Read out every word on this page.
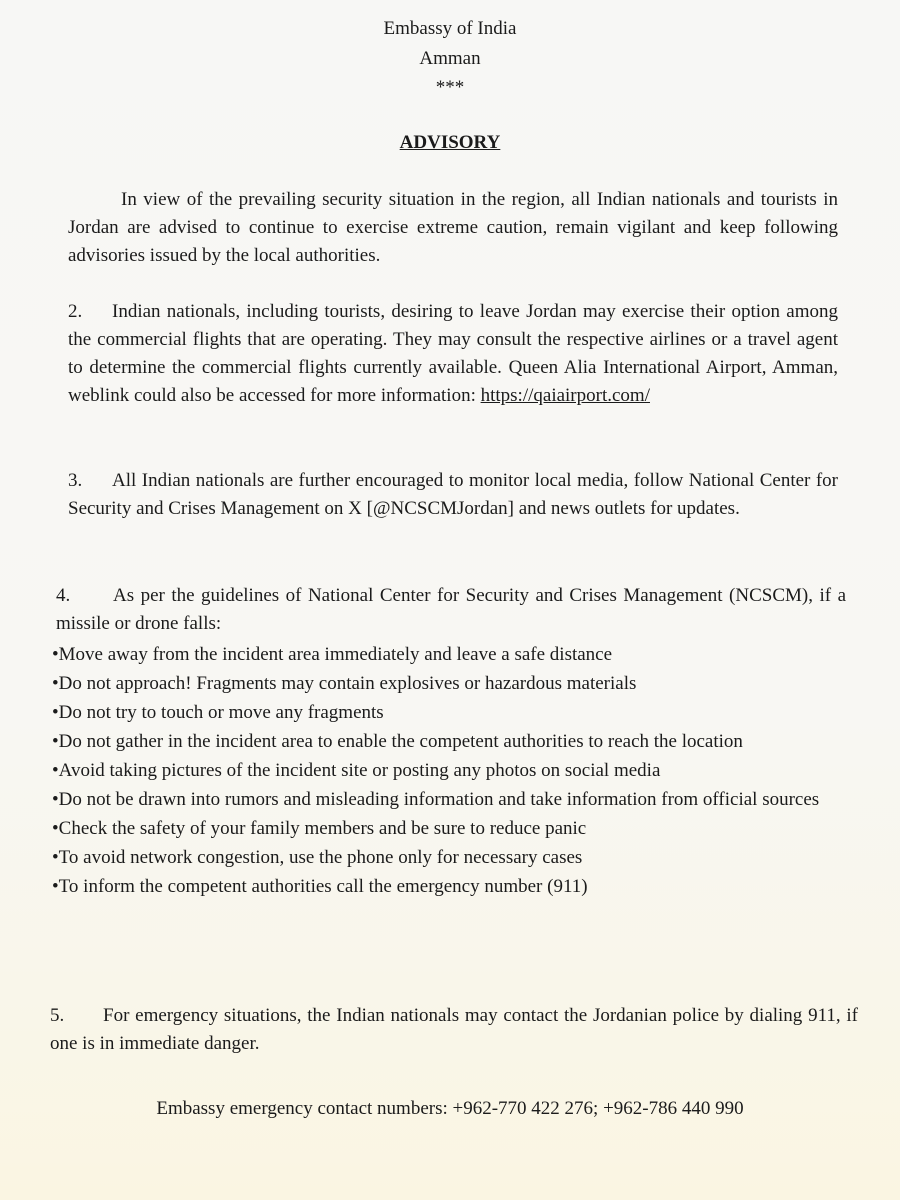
Embassy of India
Amman
***
ADVISORY
In view of the prevailing security situation in the region, all Indian nationals and tourists in Jordan are advised to continue to exercise extreme caution, remain vigilant and keep following advisories issued by the local authorities.
2. Indian nationals, including tourists, desiring to leave Jordan may exercise their option among the commercial flights that are operating. They may consult the respective airlines or a travel agent to determine the commercial flights currently available. Queen Alia International Airport, Amman, weblink could also be accessed for more information: https://qaiairport.com/
3. All Indian nationals are further encouraged to monitor local media, follow National Center for Security and Crises Management on X [@NCSCMJordan] and news outlets for updates.
4. As per the guidelines of National Center for Security and Crises Management (NCSCM), if a missile or drone falls:
•Move away from the incident area immediately and leave a safe distance
•Do not approach! Fragments may contain explosives or hazardous materials
•Do not try to touch or move any fragments
•Do not gather in the incident area to enable the competent authorities to reach the location
•Avoid taking pictures of the incident site or posting any photos on social media
•Do not be drawn into rumors and misleading information and take information from official sources
•Check the safety of your family members and be sure to reduce panic
•To avoid network congestion, use the phone only for necessary cases
•To inform the competent authorities call the emergency number (911)
5. For emergency situations, the Indian nationals may contact the Jordanian police by dialing 911, if one is in immediate danger.
Embassy emergency contact numbers: +962-770 422 276; +962-786 440 990
